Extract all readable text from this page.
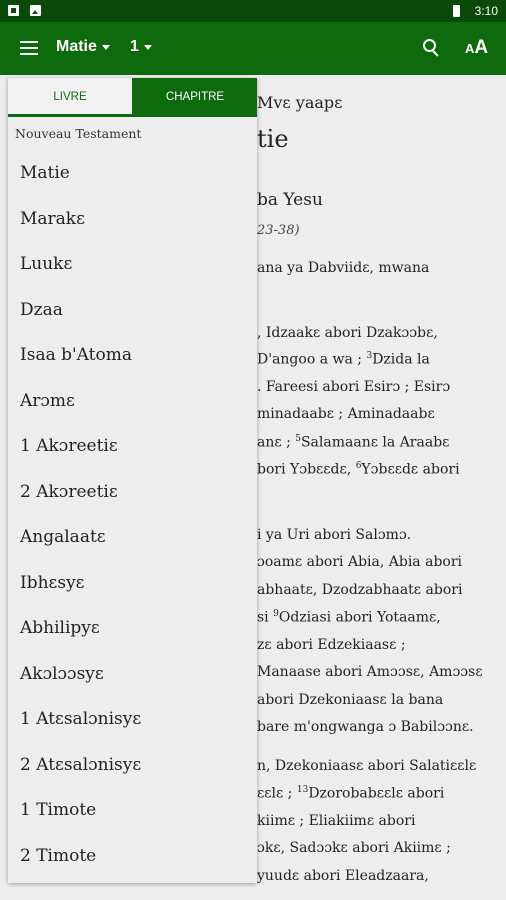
3:10
Matie 1	AA
Mvɛ yaapɛ
tie
ba Yesu
23-38)
ana ya Dabviidɛ, mwana
, Idzaakɛ abori Dzakɔɔbɛ,
D'angoo a wa ; $^3$Dzida la
. Fareesi abori Esirɔ ; Esirɔ
minadaabɛ ; Aminadaabɛ
anɛ ; $^5$Salamaanɛ la Araabɛ
bori Yɔbɛɛdɛ, $^6$Yɔbɛɛdɛ abori
i ya Uri abori Salɔmɔ.
ɔoamɛ abori Abia, Abia abori
abhaatɛ, Dzodzabhaatɛ abori
si $^9$Odziasi abori Yotaamɛ,
zɛ abori Edzekiaasɛ ;
Manaase abori Amɔɔsɛ, Amɔɔsɛ
abori Dzekoniaasɛ la bana
bare m'ongwanga ɔ Babilɔɔnɛ.
n, Dzekoniaasɛ abori Salatiɛɛlɛ
ɛɛlɛ ; $^{13}$Dzorobabɛɛlɛ abori
kiimɛ ; Eliakiimɛ abori
ɔkɛ, Sadɔɔkɛ abori Akiimɛ ;
yuudɛ abori Eleadzaara,
LIVRE	CHAPITRE
Nouveau Testament
Matie
Marakɛ
Luukɛ
Dzaa
Isaa b'Atoma
Arɔmɛ
1 Akɔreetiɛ
2 Akɔreetiɛ
Angalaatɛ
Ibhɛsyɛ
Abhilipyɛ
Akɔlɔɔsyɛ
1 Atɛsalɔnisyɛ
2 Atɛsalɔnisyɛ
1 Timote
2 Timote
